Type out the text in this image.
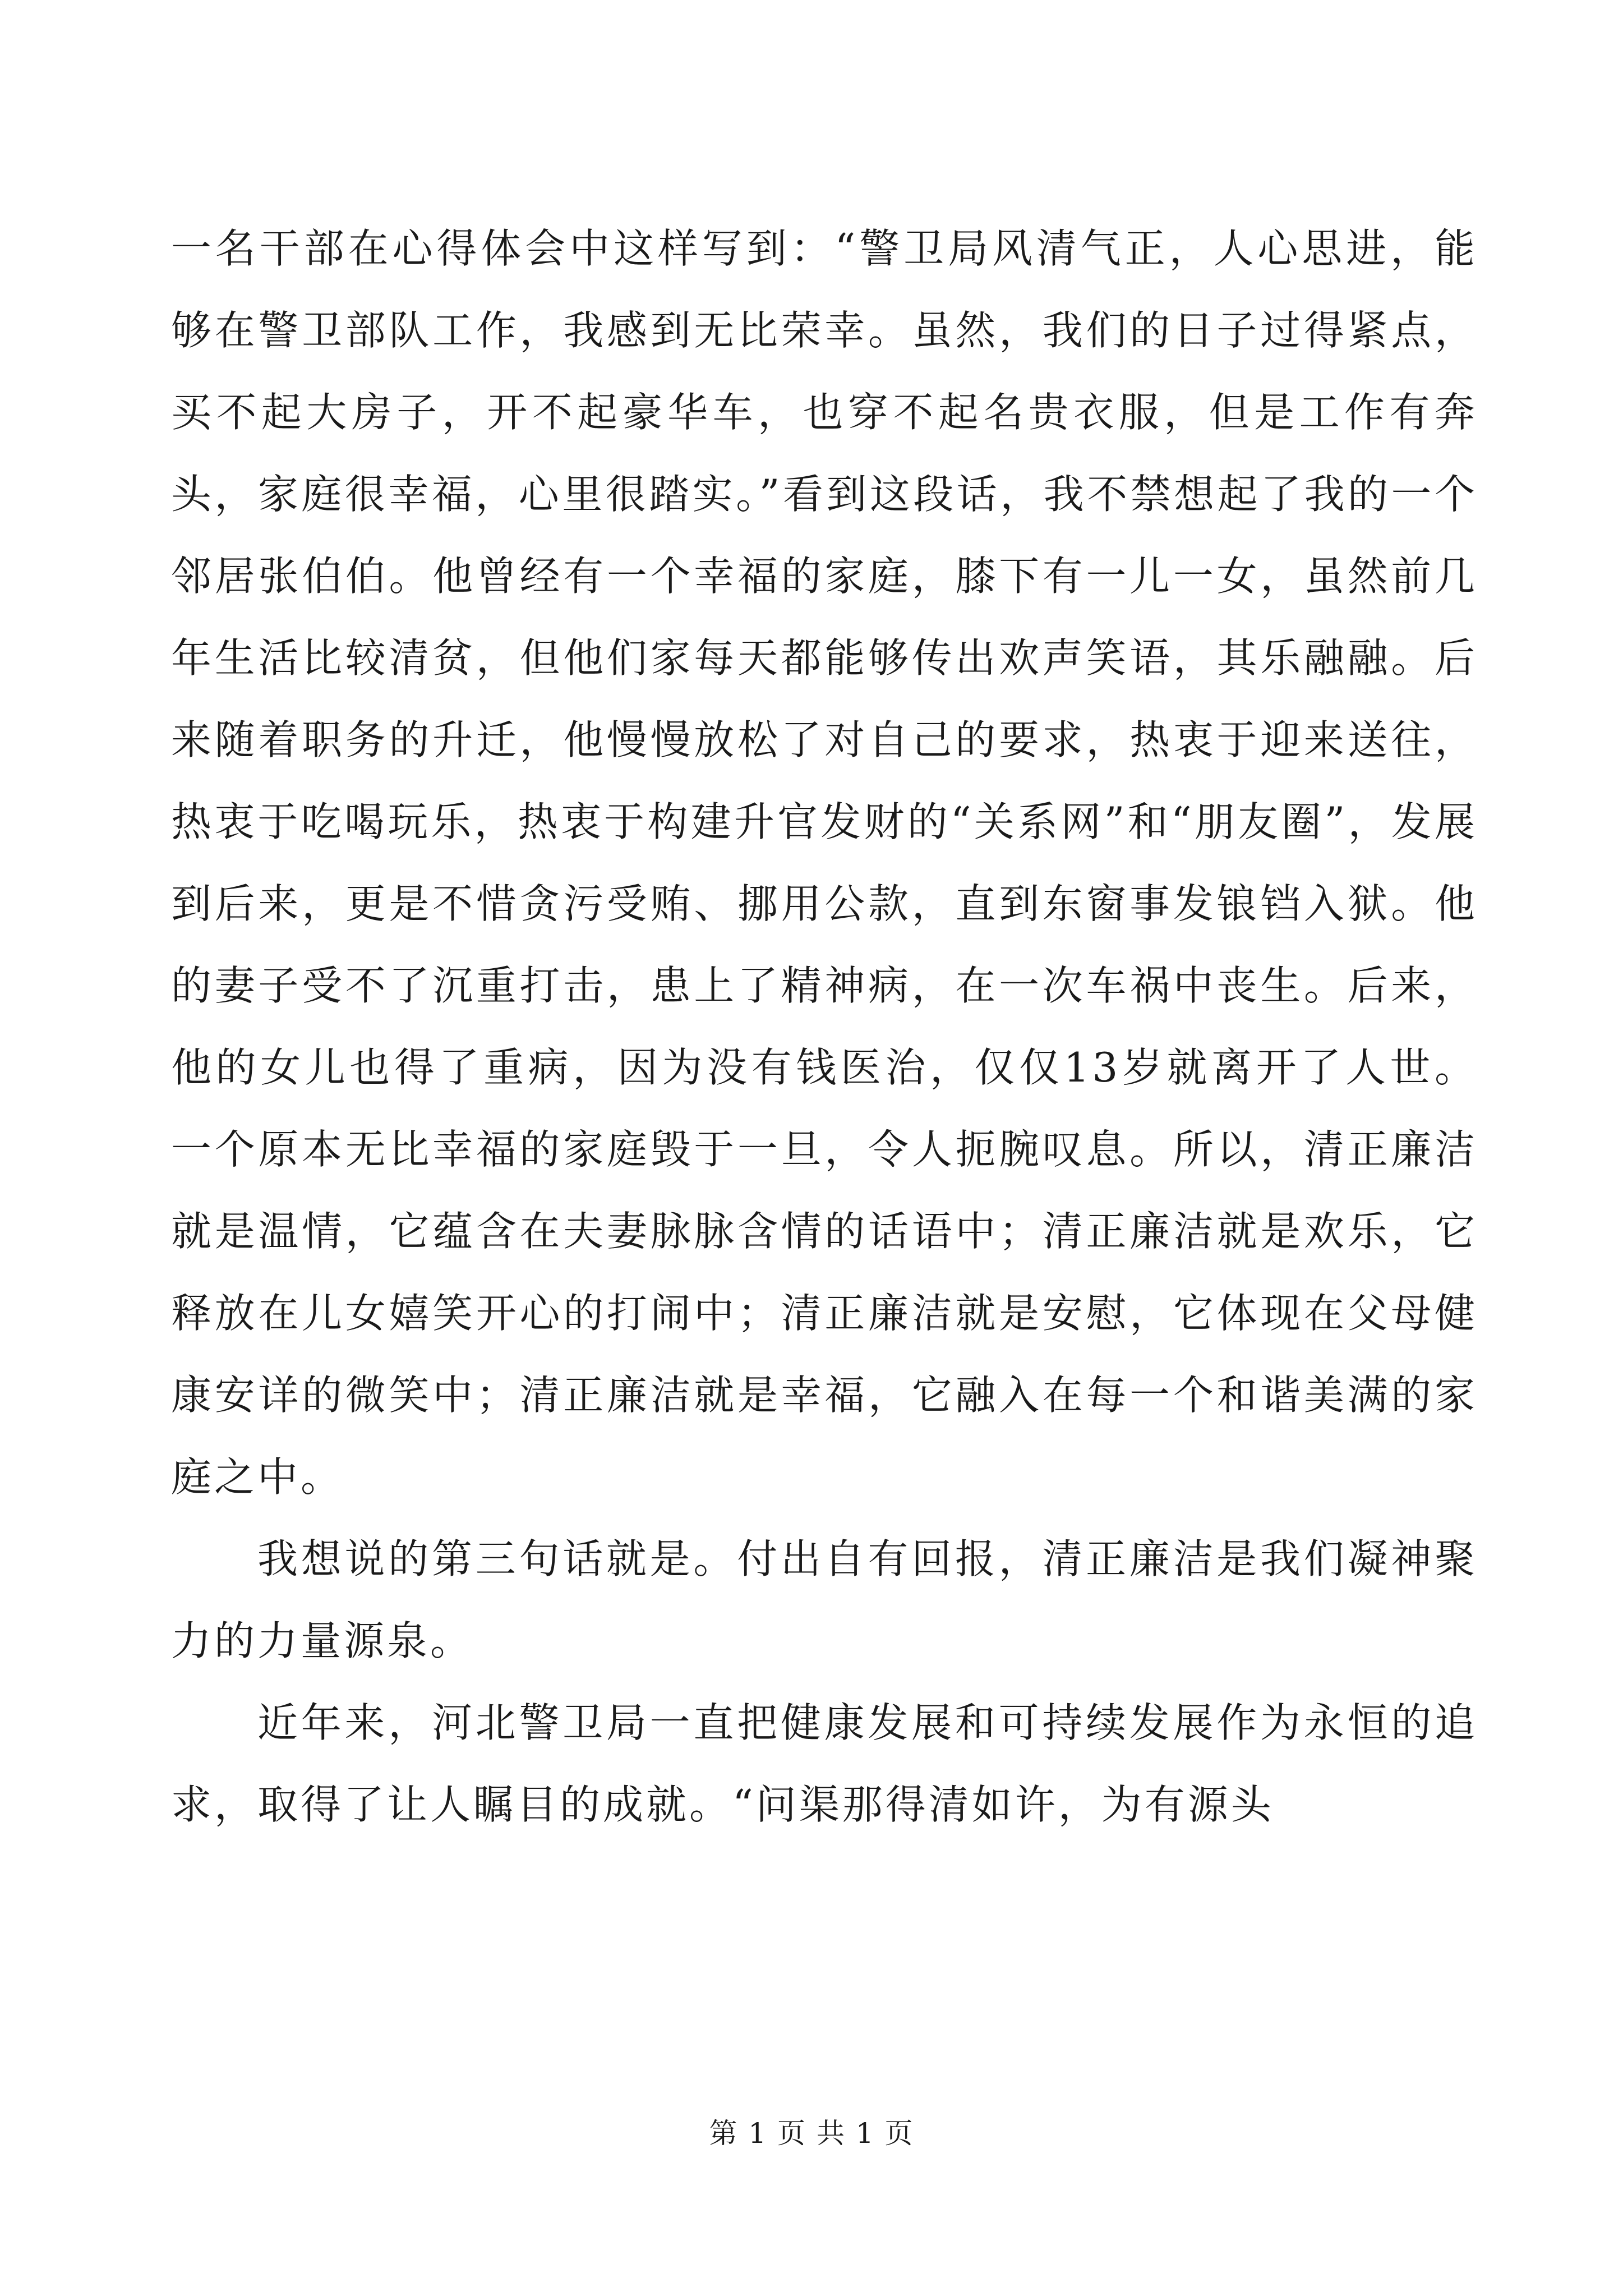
一名干部在心得体会中这样写到：“警卫局风清气正，人心思进，能够在警卫部队工作，我感到无比荣幸。虽然，我们的日子过得紧点，买不起大房子，开不起豪华车，也穿不起名贵衣服，但是工作有奔头，家庭很幸福，心里很踏实。”看到这段话，我不禁想起了我的一个邻居张伯伯。他曾经有一个幸福的家庭，膝下有一儿一女，虽然前几年生活比较清贫，但他们家每天都能够传出欢声笑语，其乐融融。后来随着职务的升迁，他慢慢放松了对自己的要求，热衷于迎来送往，热衷于吃喝玩乐，热衷于构建升官发财的“关系网”和“朋友圈”，发展到后来，更是不惜贪污受贿、挪用公款，直到东窗事发锒铛入狱。他的妻子受不了沉重打击，患上了精神病，在一次车祸中丧生。后来，他的女儿也得了重病，因为没有钱医治，仅仅13岁就离开了人世。一个原本无比幸福的家庭毁于一旦，令人扼腕叹息。所以，清正廉洁就是温情，它蕴含在夫妻脉脉含情的话语中；清正廉洁就是欢乐，它释放在儿女嬉笑开心的打闹中；清正廉洁就是安慰，它体现在父母健康安详的微笑中；清正廉洁就是幸福，它融入在每一个和谐美满的家庭之中。

我想说的第三句话就是。付出自有回报，清正廉洁是我们凝神聚力的力量源泉。

近年来，河北警卫局一直把健康发展和可持续发展作为永恒的追求，取得了让人瞩目的成就。“问渠那得清如许，为有源头

第 1 页 共 1 页
